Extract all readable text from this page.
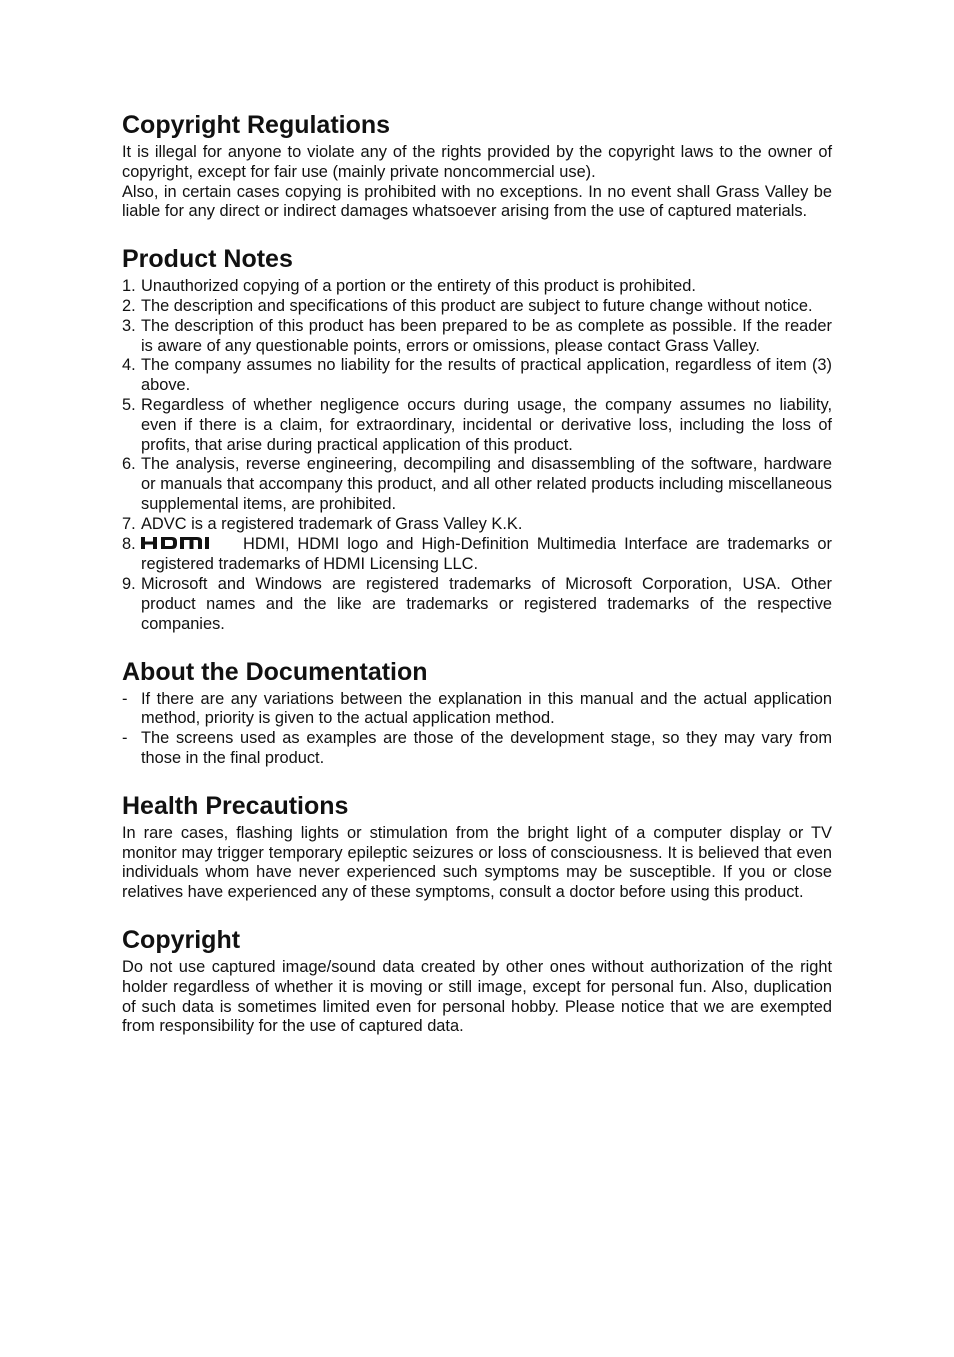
Copyright Regulations

It is illegal for anyone to violate any of the rights provided by the copyright laws to the owner of copyright, except for fair use (mainly private noncommercial use).

Also, in certain cases copying is prohibited with no exceptions. In no event shall Grass Valley be liable for any direct or indirect damages whatsoever arising from the use of captured materials.

Product Notes
1. Unauthorized copying of a portion or the entirety of this product is prohibited.
2. The description and specifications of this product are subject to future change without notice.
3. The description of this product has been prepared to be as complete as possible. If the reader is aware of any questionable points, errors or omissions, please contact Grass Valley.
4. The company assumes no liability for the results of practical application, regardless of item (3) above.
5. Regardless of whether negligence occurs during usage, the company assumes no liability, even if there is a claim, for extraordinary, incidental or derivative loss, including the loss of profits, that arise during practical application of this product.
6. The analysis, reverse engineering, decompiling and disassembling of the software, hardware or manuals that accompany this product, and all other related products including miscellaneous supplemental items, are prohibited.
7. ADVC is a registered trademark of Grass Valley K.K.
8.	HDMI, HDMI logo and High-Definition Multimedia Interface are trademarks or registered trademarks of HDMI Licensing LLC.
9. Microsoft and Windows are registered trademarks of Microsoft Corporation, USA. Other product names and the like are trademarks or registered trademarks of the respective companies.
About the Documentation
- If there are any variations between the explanation in this manual and the actual application method, priority is given to the actual application method.
- The screens used as examples are those of the development stage, so they may vary from those in the final product.
Health Precautions

In rare cases, flashing lights or stimulation from the bright light of a computer display or TV monitor may trigger temporary epileptic seizures or loss of consciousness. It is believed that even individuals whom have never experienced such symptoms may be susceptible. If you or close relatives have experienced any of these symptoms, consult a doctor before using this product.

Copyright

Do not use captured image/sound data created by other ones without authorization of the right holder regardless of whether it is moving or still image, except for personal fun. Also, duplication of such data is sometimes limited even for personal hobby. Please notice that we are exempted from responsibility for the use of captured data.
